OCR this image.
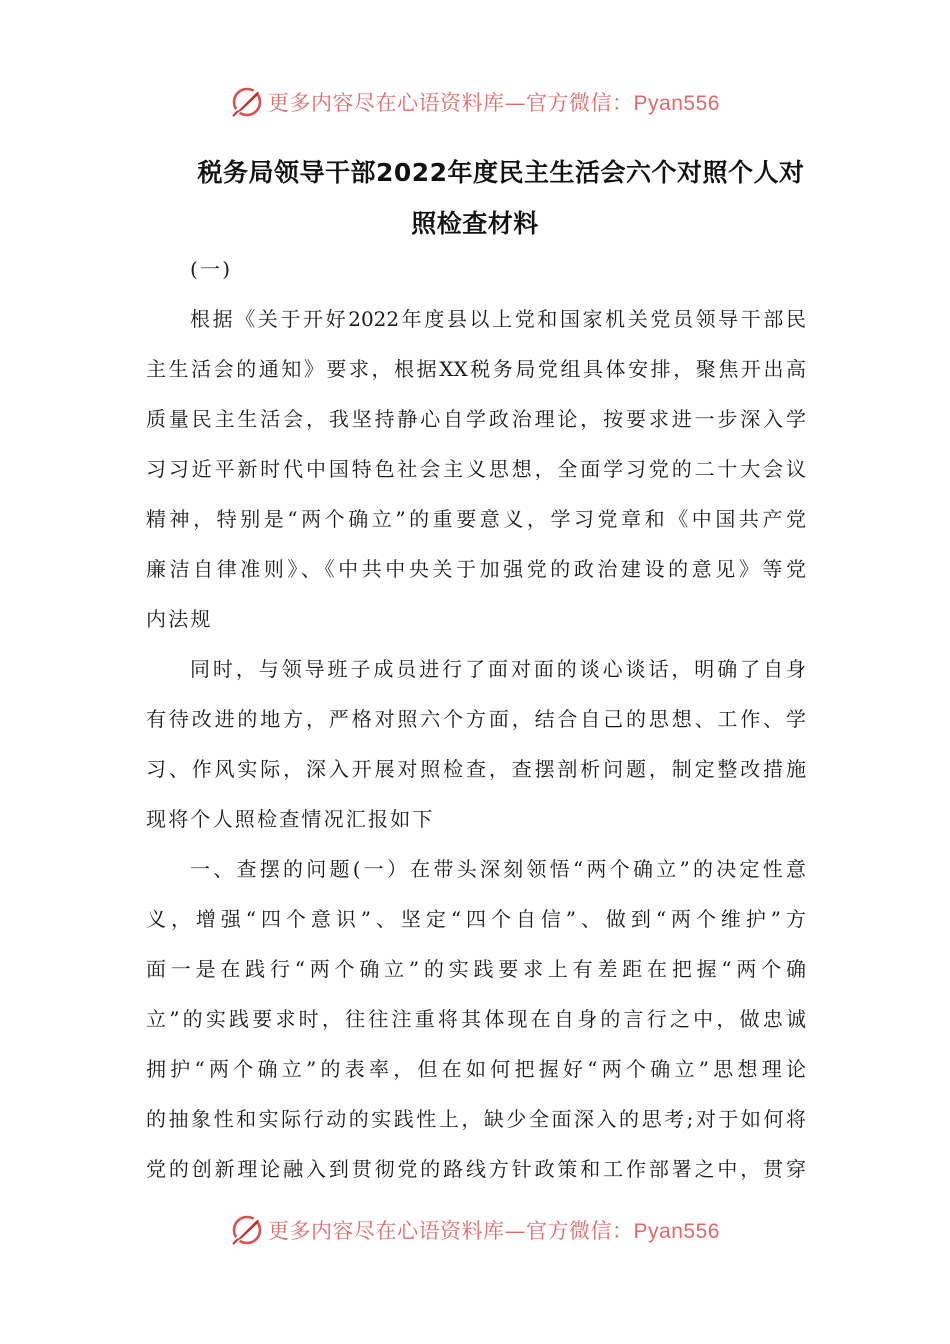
更多内容尽在心语资料库—官方微信：Pyan556
税务局领导干部2022年度民主生活会六个对照个人对
照检查材料
(一)
根据《关于开好2022年度县以上党和国家机关党员领导干部民
主生活会的通知》要求，根据XX税务局党组具体安排，聚焦开出高
质量民主生活会，我坚持静心自学政治理论，按要求进一步深入学
习习近平新时代中国特色社会主义思想，全面学习党的二十大会议
精神，特别是“两个确立”的重要意义，学习党章和《中国共产党
廉洁自律准则》、《中共中央关于加强党的政治建设的意见》等党
内法规
同时，与领导班子成员进行了面对面的谈心谈话，明确了自身
有待改进的地方，严格对照六个方面，结合自己的思想、工作、学
习、作风实际，深入开展对照检查，查摆剖析问题，制定整改措施
现将个人照检查情况汇报如下
一、查摆的问题(一）在带头深刻领悟“两个确立”的决定性意
义，增强“四个意识”、坚定“四个自信”、做到“两个维护”方
面一是在践行“两个确立”的实践要求上有差距在把握“两个确
立”的实践要求时，往往注重将其体现在自身的言行之中，做忠诚
拥护“两个确立”的表率，但在如何把握好“两个确立”思想理论
的抽象性和实际行动的实践性上，缺少全面深入的思考;对于如何将
党的创新理论融入到贯彻党的路线方针政策和工作部署之中，贯穿
更多内容尽在心语资料库—官方微信：Pyan556
